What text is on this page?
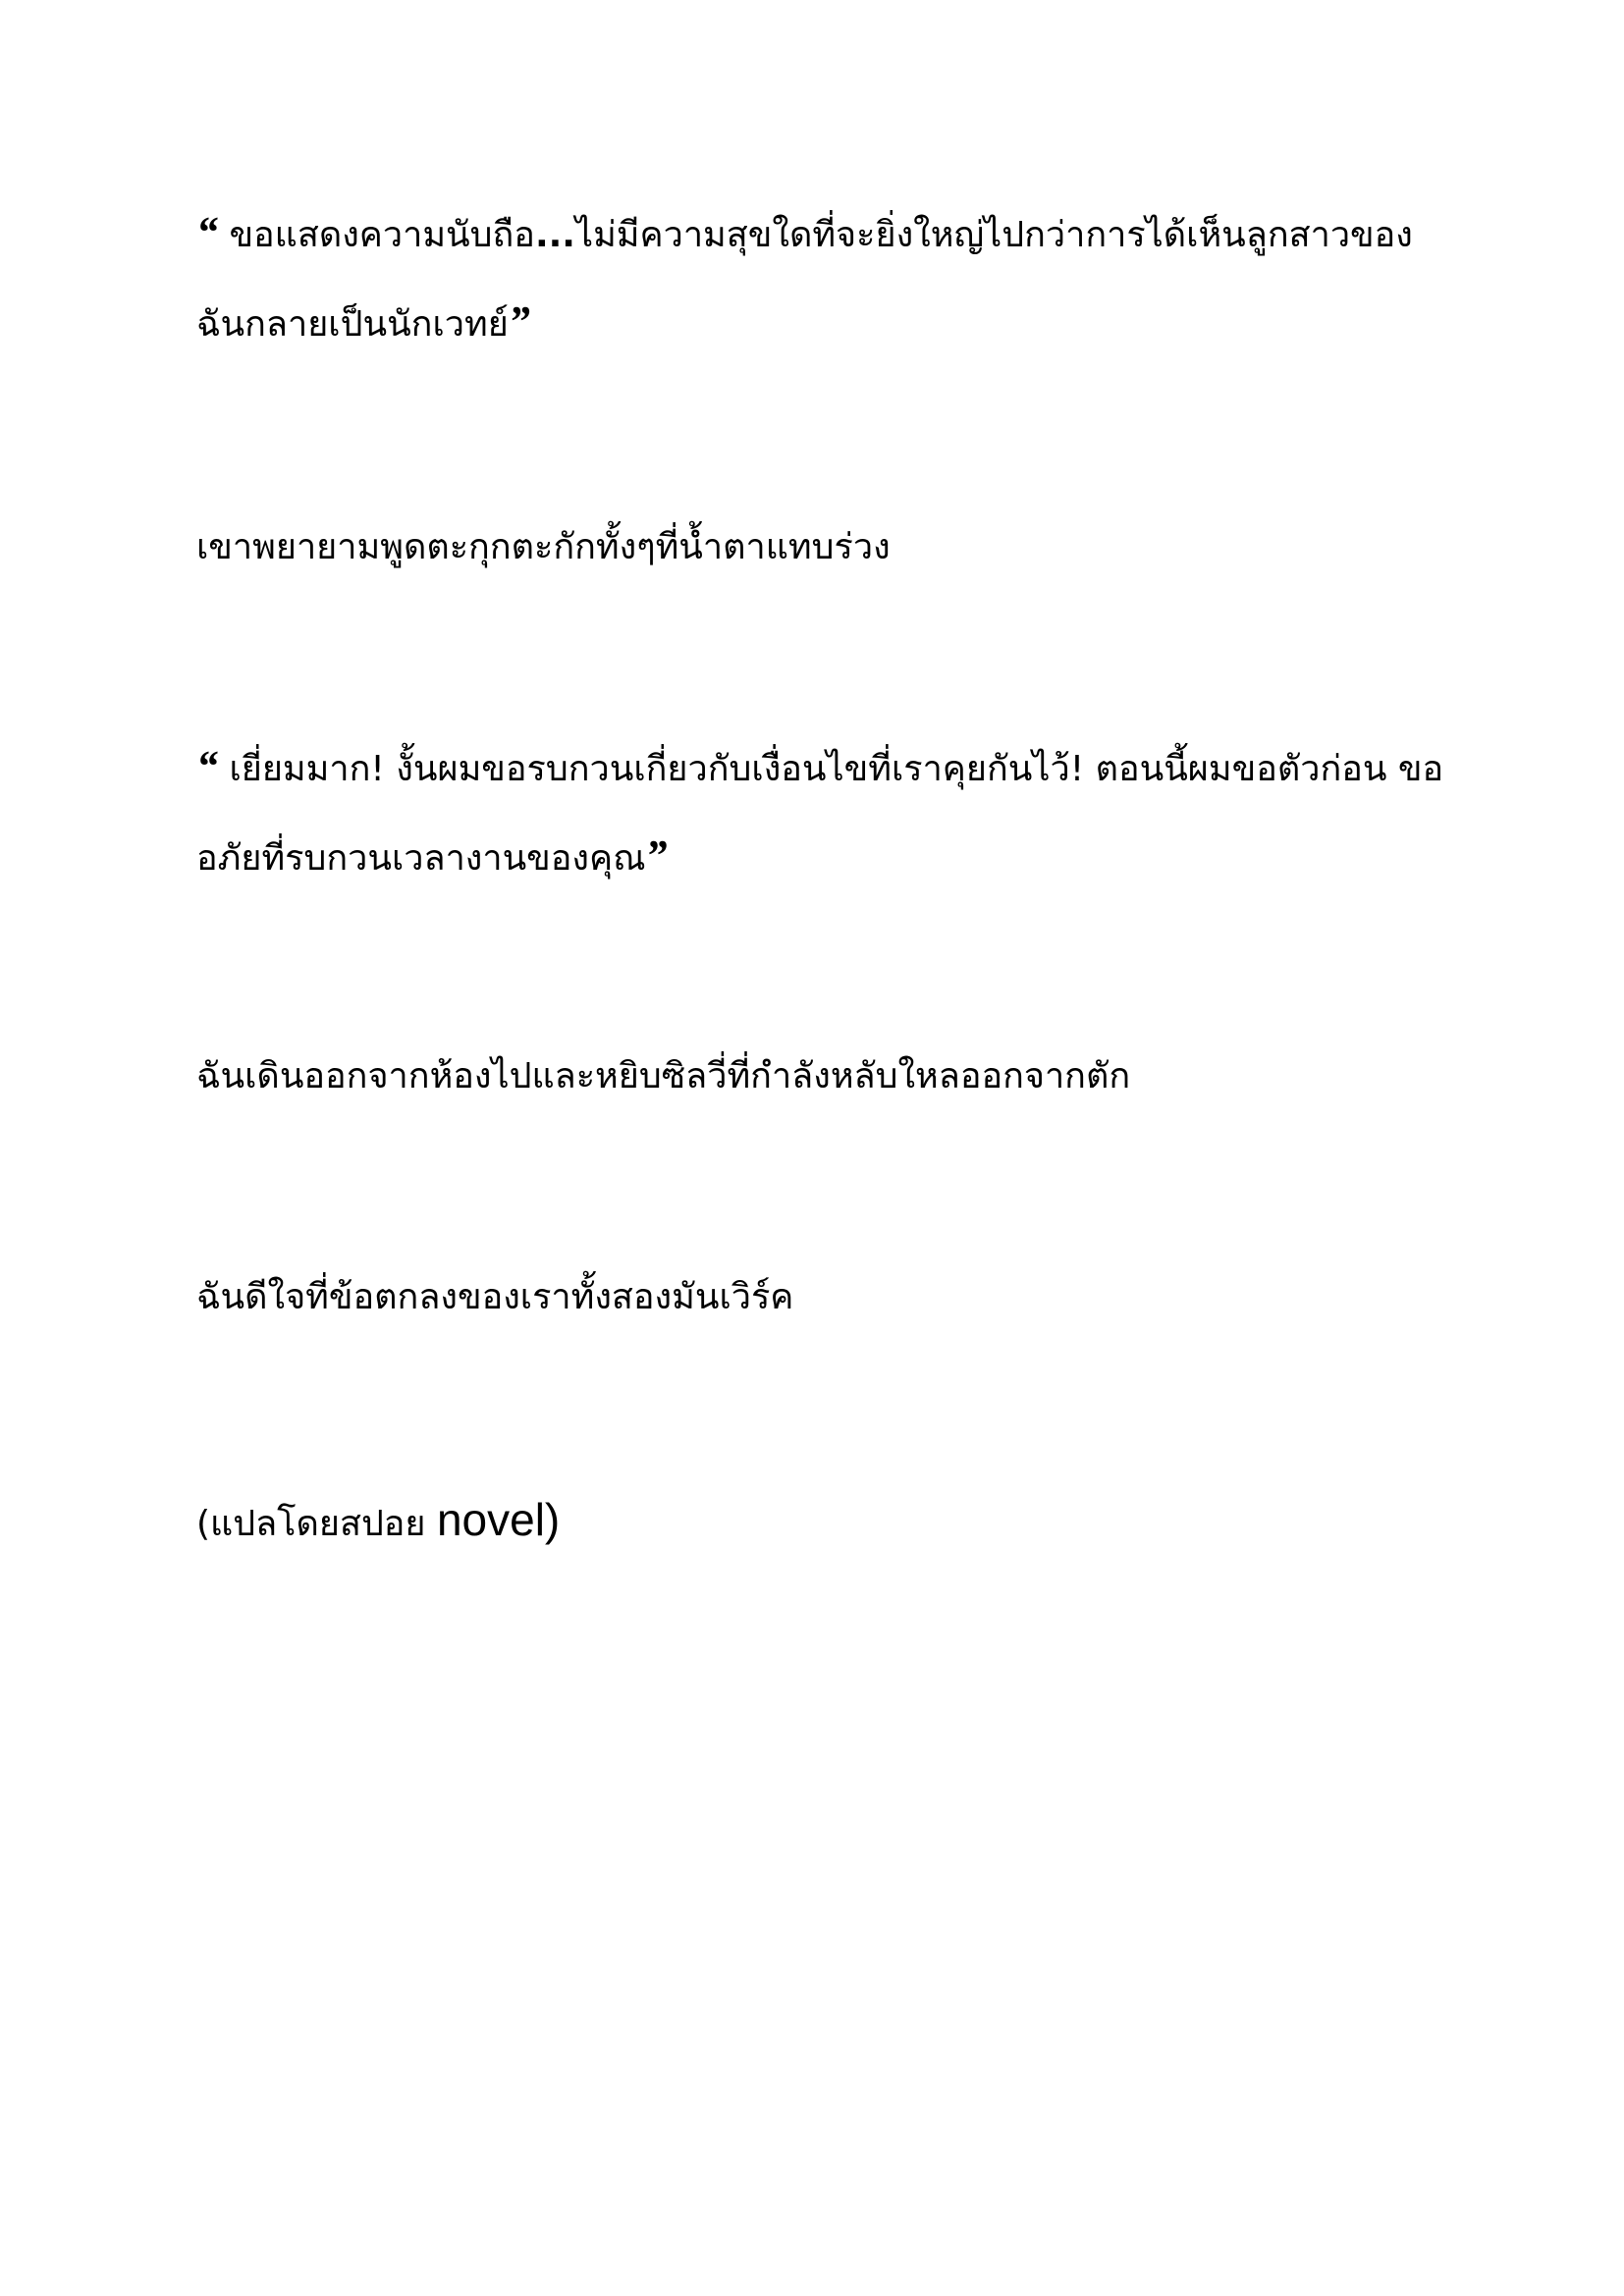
“ ขอแสดงความนับถือ...ไม่มีความสุขใดที่จะยิ่งใหญ่ไปกว่าการได้เห็นลูกสาวของ
ฉันกลายเป็นนักเวทย์”
เขาพยายามพูดตะกุกตะกักทั้งๆที่น้ำตาแทบร่วง
“ เยี่ยมมาก! งั้นผมขอรบกวนเกี่ยวกับเงื่อนไขที่เราคุยกันไว้! ตอนนี้ผมขอตัวก่อน ขอ
อภัยที่รบกวนเวลางานของคุณ”
ฉันเดินออกจากห้องไปและหยิบซิลวี่ที่กำลังหลับใหลออกจากตัก
ฉันดีใจที่ข้อตกลงของเราทั้งสองมันเวิร์ค
(แปลโดยสปอย novel)
